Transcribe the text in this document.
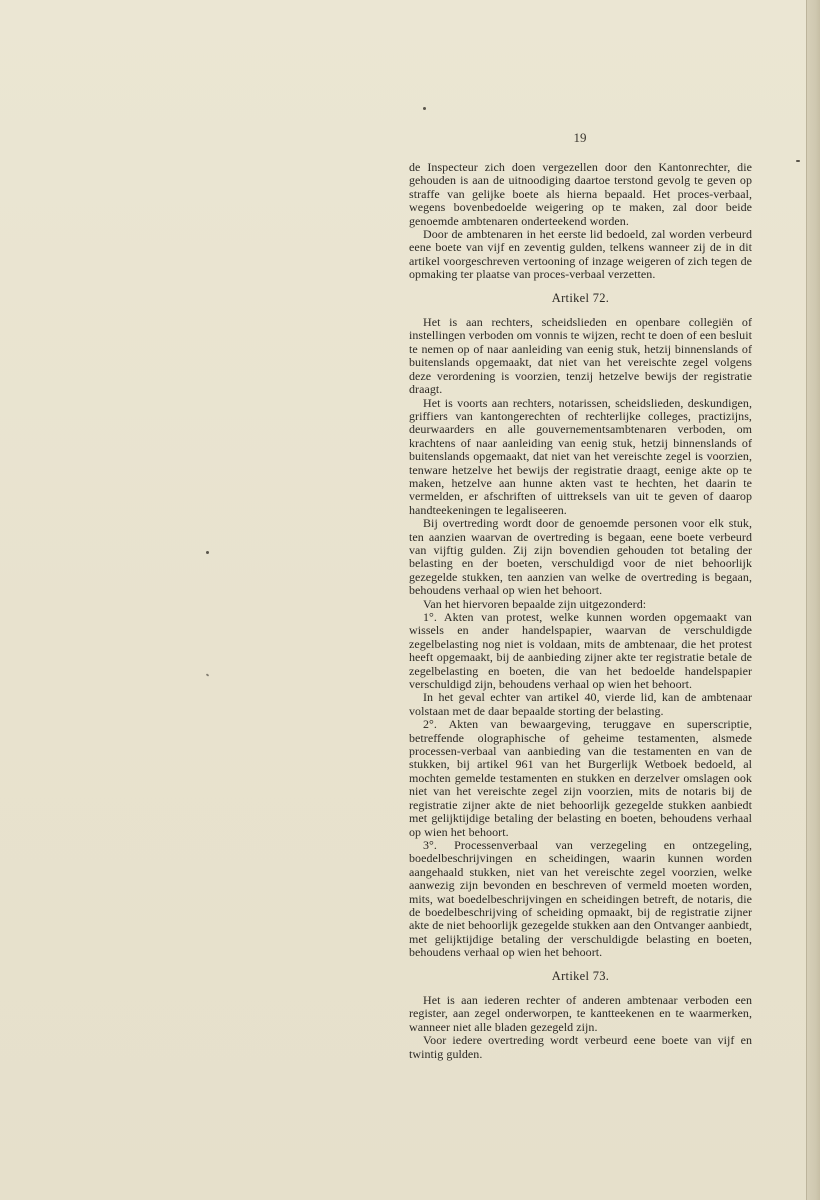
19

de Inspecteur zich doen vergezellen door den Kantonrechter, die gehouden is aan de uitnoodiging daartoe terstond gevolg te geven op straffe van gelijke boete als hierna bepaald. Het proces-verbaal, wegens bovenbedoelde weigering op te maken, zal door beide genoemde ambtenaren onderteekend worden.

Door de ambtenaren in het eerste lid bedoeld, zal worden verbeurd eene boete van vijf en zeventig gulden, telkens wanneer zij de in dit artikel voorgeschreven vertooning of inzage weigeren of zich tegen de opmaking ter plaatse van proces-verbaal verzetten.

Artikel 72.

Het is aan rechters, scheidslieden en openbare collegiën of instellingen verboden om vonnis te wijzen, recht te doen of een besluit te nemen op of naar aanleiding van eenig stuk, hetzij binnenslands of buitenslands opgemaakt, dat niet van het vereischte zegel volgens deze verordening is voorzien, tenzij hetzelve bewijs der registratie draagt.

Het is voorts aan rechters, notarissen, scheidslieden, deskundigen, griffiers van kantongerechten of rechterlijke colleges, practizijns, deurwaarders en alle gouvernementsambtenaren verboden, om krachtens of naar aanleiding van eenig stuk, hetzij binnenslands of buitenslands opgemaakt, dat niet van het vereischte zegel is voorzien, tenware hetzelve het bewijs der registratie draagt, eenige akte op te maken, hetzelve aan hunne akten vast te hechten, het daarin te vermelden, er afschriften of uittreksels van uit te geven of daarop handteekeningen te legaliseeren.

Bij overtreding wordt door de genoemde personen voor elk stuk, ten aanzien waarvan de overtreding is begaan, eene boete verbeurd van vijftig gulden. Zij zijn bovendien gehouden tot betaling der belasting en der boeten, verschuldigd voor de niet behoorlijk gezegelde stukken, ten aanzien van welke de overtreding is begaan, behoudens verhaal op wien het behoort.

Van het hiervoren bepaalde zijn uitgezonderd:

1°. Akten van protest, welke kunnen worden opgemaakt van wissels en ander handelspapier, waarvan de verschuldigde zegelbelasting nog niet is voldaan, mits de ambtenaar, die het protest heeft opgemaakt, bij de aanbieding zijner akte ter registratie betale de zegelbelasting en boeten, die van het bedoelde handelspapier verschuldigd zijn, behoudens verhaal op wien het behoort.

In het geval echter van artikel 40, vierde lid, kan de ambtenaar volstaan met de daar bepaalde storting der belasting.

2°. Akten van bewaargeving, teruggave en superscriptie, betreffende olographische of geheime testamenten, alsmede processen-verbaal van aanbieding van die testamenten en van de stukken, bij artikel 961 van het Burgerlijk Wetboek bedoeld, al mochten gemelde testamenten en stukken en derzelver omslagen ook niet van het vereischte zegel zijn voorzien, mits de notaris bij de registratie zijner akte de niet behoorlijk gezegelde stukken aanbiedt met gelijktijdige betaling der belasting en boeten, behoudens verhaal op wien het behoort.

3°. Processenverbaal van verzegeling en ontzegeling, boedelbeschrijvingen en scheidingen, waarin kunnen worden aangehaald stukken, niet van het vereischte zegel voorzien, welke aanwezig zijn bevonden en beschreven of vermeld moeten worden, mits, wat boedelbeschrijvingen en scheidingen betreft, de notaris, die de boedelbeschrijving of scheiding opmaakt, bij de registratie zijner akte de niet behoorlijk gezegelde stukken aan den Ontvanger aanbiedt, met gelijktijdige betaling der verschuldigde belasting en boeten, behoudens verhaal op wien het behoort.

Artikel 73.

Het is aan iederen rechter of anderen ambtenaar verboden een register, aan zegel onderworpen, te kantteekenen en te waarmerken, wanneer niet alle bladen gezegeld zijn.

Voor iedere overtreding wordt verbeurd eene boete van vijf en twintig gulden.
